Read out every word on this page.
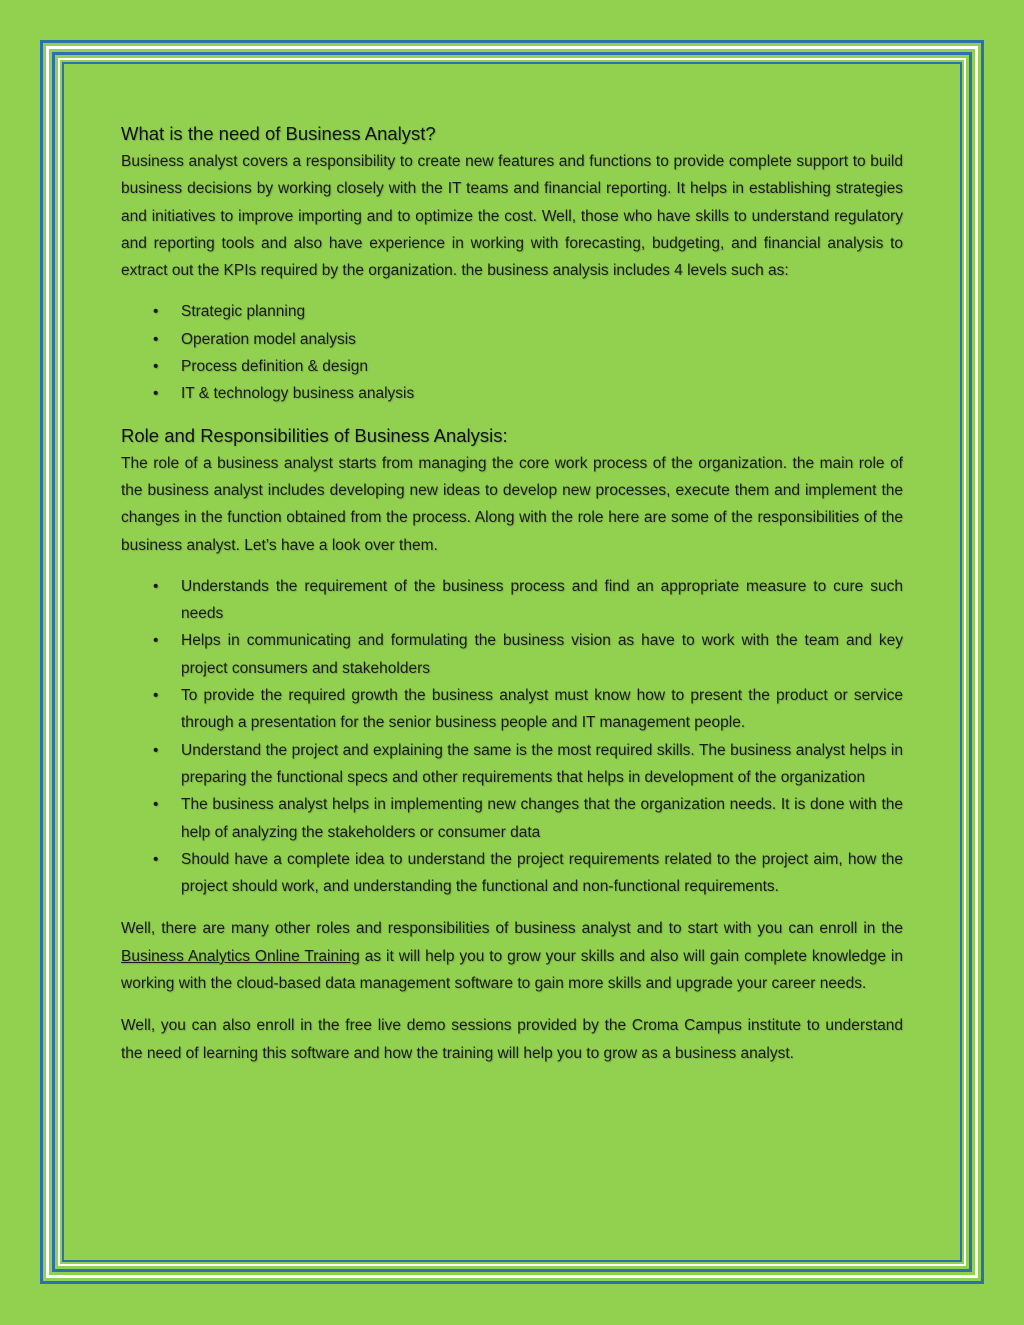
What is the need of Business Analyst?

Business analyst covers a responsibility to create new features and functions to provide complete support to build business decisions by working closely with the IT teams and financial reporting. It helps in establishing strategies and initiatives to improve importing and to optimize the cost. Well, those who have skills to understand regulatory and reporting tools and also have experience in working with forecasting, budgeting, and financial analysis to extract out the KPIs required by the organization. the business analysis includes 4 levels such as:

• Strategic planning
• Operation model analysis
• Process definition & design
• IT & technology business analysis
Role and Responsibilities of Business Analysis:

The role of a business analyst starts from managing the core work process of the organization. the main role of the business analyst includes developing new ideas to develop new processes, execute them and implement the changes in the function obtained from the process. Along with the role here are some of the responsibilities of the business analyst. Let’s have a look over them.

• Understands the requirement of the business process and find an appropriate measure to cure such needs
• Helps in communicating and formulating the business vision as have to work with the team and key project consumers and stakeholders
• To provide the required growth the business analyst must know how to present the product or service through a presentation for the senior business people and IT management people.
• Understand the project and explaining the same is the most required skills. The business analyst helps in preparing the functional specs and other requirements that helps in development of the organization
• The business analyst helps in implementing new changes that the organization needs. It is done with the help of analyzing the stakeholders or consumer data
• Should have a complete idea to understand the project requirements related to the project aim, how the project should work, and understanding the functional and non-functional requirements.

Well, there are many other roles and responsibilities of business analyst and to start with you can enroll in the Business Analytics Online Training as it will help you to grow your skills and also will gain complete knowledge in working with the cloud-based data management software to gain more skills and upgrade your career needs.

Well, you can also enroll in the free live demo sessions provided by the Croma Campus institute to understand the need of learning this software and how the training will help you to grow as a business analyst.
